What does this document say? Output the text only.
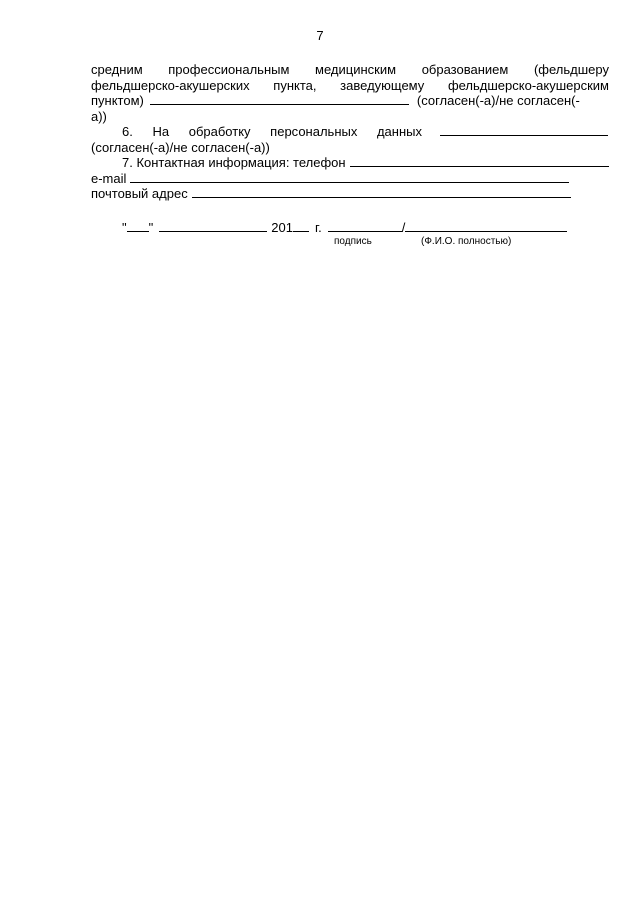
7
средним профессиональным медицинским образованием (фельдшеру
фельдшерско-акушерских пункта, заведующему фельдшерско-акушерским
пунктом)	(согласен(-а)/не согласен(-
а))
6. На обработку персональных данных
(согласен(-а)/не согласен(-а))
7. Контактная информация: телефон
e-mail
почтовый адрес
" "	201 г.	/
подпись	(Ф.И.О. полностью)
